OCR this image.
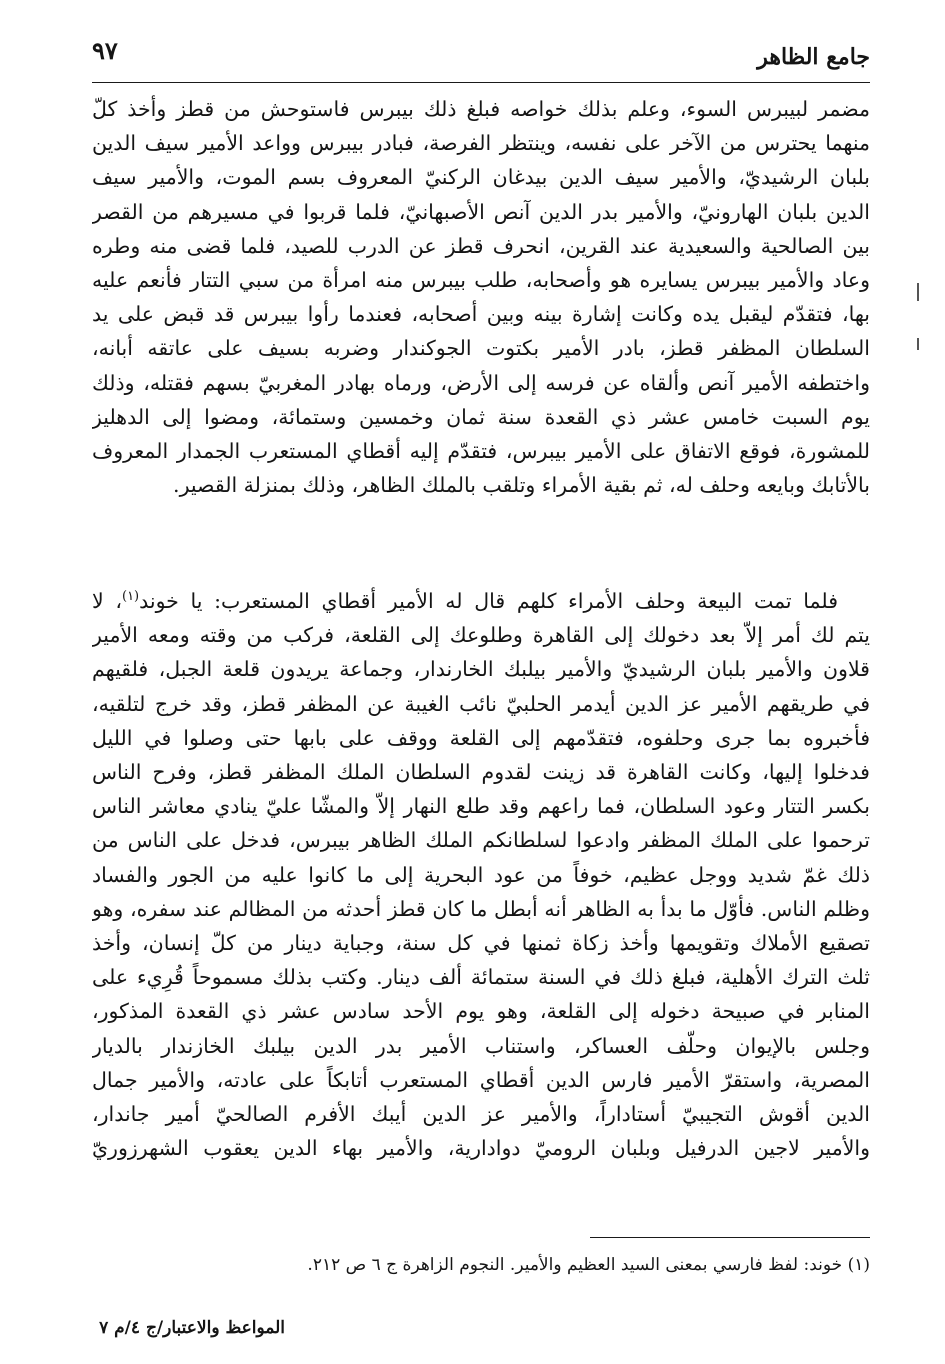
جامع الظاهر
٩٧
مضمر لبيبرس السوء، وعلم بذلك خواصه فبلغ ذلك بيبرس فاستوحش من قطز وأخذ كلّ
منهما يحترس من الآخر على نفسه، وينتظر الفرصة، فبادر بيبرس وواعد الأمير سيف الدين
بلبان الرشيديّ، والأمير سيف الدين بيدغان الركنيّ المعروف بسم الموت، والأمير سيف
الدين بلبان الهارونيّ، والأمير بدر الدين آنص الأصبهانيّ، فلما قربوا في مسيرهم من القصر
بين الصالحية والسعيدية عند القرين، انحرف قطز عن الدرب للصيد، فلما قضى منه وطره
وعاد والأمير بيبرس يسايره هو وأصحابه، طلب بيبرس منه امرأة من سبي التتار فأنعم عليه
بها، فتقدّم ليقبل يده وكانت إشارة بينه وبين أصحابه، فعندما رأوا بيبرس قد قبض على يد
السلطان المظفر قطز، بادر الأمير بكتوت الجوكندار وضربه بسيف على عاتقه أبانه،
واختطفه الأمير آنص وألقاه عن فرسه إلى الأرض، ورماه بهادر المغربيّ بسهم فقتله، وذلك
يوم السبت خامس عشر ذي القعدة سنة ثمان وخمسين وستمائة، ومضوا إلى الدهليز
للمشورة، فوقع الاتفاق على الأمير بيبرس، فتقدّم إليه أقطاي المستعرب الجمدار المعروف
بالأتابك وبايعه وحلف له، ثم بقية الأمراء وتلقب بالملك الظاهر، وذلك بمنزلة القصير.
فلما تمت البيعة وحلف الأمراء كلهم قال له الأمير أقطاي المستعرب: يا خوند$^{(١)}$، لا
يتم لك أمر إلاّ بعد دخولك إلى القاهرة وطلوعك إلى القلعة، فركب من وقته ومعه الأمير
قلاون والأمير بلبان الرشيديّ والأمير بيلبك الخارندار، وجماعة يريدون قلعة الجبل، فلقيهم
في طريقهم الأمير عز الدين أيدمر الحلبيّ نائب الغيبة عن المظفر قطز، وقد خرج لتلقيه،
فأخبروه بما جرى وحلفوه، فتقدّمهم إلى القلعة ووقف على بابها حتى وصلوا في الليل
فدخلوا إليها، وكانت القاهرة قد زينت لقدوم السلطان الملك المظفر قطز، وفرح الناس
بكسر التتار وعود السلطان، فما راعهم وقد طلع النهار إلاّ والمشّا عليّ ينادي معاشر الناس
ترحموا على الملك المظفر وادعوا لسلطانكم الملك الظاهر بيبرس، فدخل على الناس من
ذلك غمّ شديد ووجل عظيم، خوفاً من عود البحرية إلى ما كانوا عليه من الجور والفساد
وظلم الناس. فأوّل ما بدأ به الظاهر أنه أبطل ما كان قطز أحدثه من المظالم عند سفره، وهو
تصقيع الأملاك وتقويمها وأخذ زكاة ثمنها في كل سنة، وجباية دينار من كلّ إنسان، وأخذ
ثلث الترك الأهلية، فبلغ ذلك في السنة ستمائة ألف دينار. وكتب بذلك مسموحاً قُرِيء على
المنابر في صبيحة دخوله إلى القلعة، وهو يوم الأحد سادس عشر ذي القعدة المذكور،
وجلس بالإيوان وحلّف العساكر، واستناب الأمير بدر الدين بيلبك الخازندار بالديار
المصرية، واستقرّ الأمير فارس الدين أقطاي المستعرب أتابكاً على عادته، والأمير جمال
الدين أقوش التجيبيّ أستاداراً، والأمير عز الدين أيبك الأفرم الصالحيّ أمير جاندار،
والأمير لاجين الدرفيل وبلبان الروميّ دوادارية، والأمير بهاء الدين يعقوب الشهرزوريّ
(١) خوند: لفظ فارسي بمعنى السيد العظيم والأمير. النجوم الزاهرة ج ٦ ص ٢١٢.
المواعظ والاعتبار/ج ٤/م ٧
